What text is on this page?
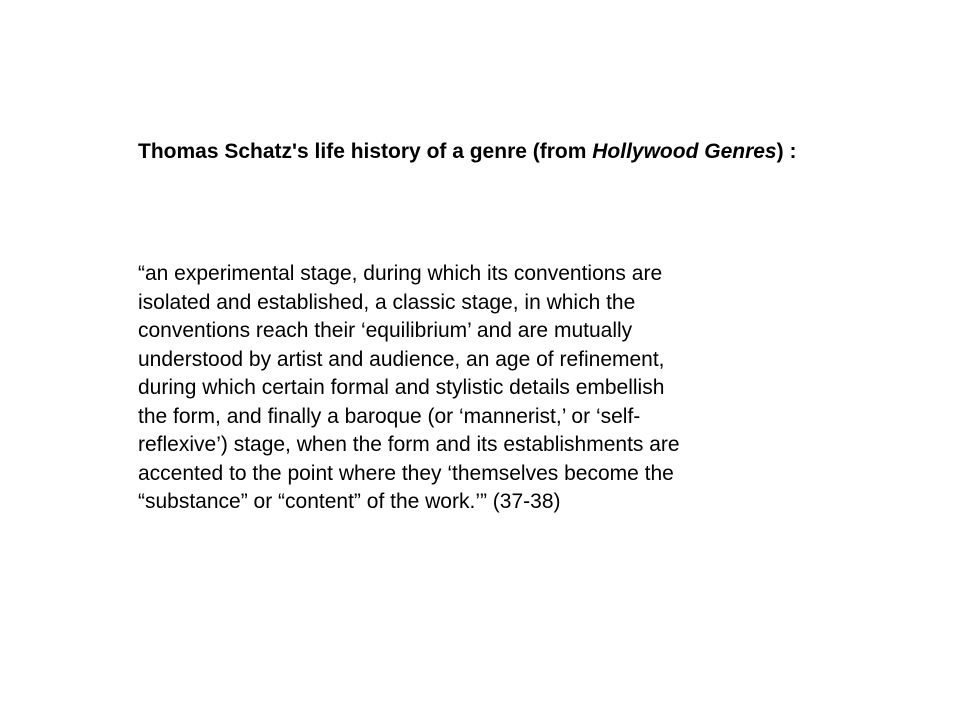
Thomas Schatz's life history of a genre (from Hollywood Genres) :

“an experimental stage, during which its conventions are
isolated and established, a classic stage, in which the
conventions reach their ‘equilibrium’ and are mutually
understood by artist and audience, an age of refinement,
during which certain formal and stylistic details embellish
the form, and finally a baroque (or ‘mannerist,’ or ‘self-
reflexive’) stage, when the form and its establishments are
accented to the point where they ‘themselves become the
“substance” or “content” of the work.’” (37-38)
